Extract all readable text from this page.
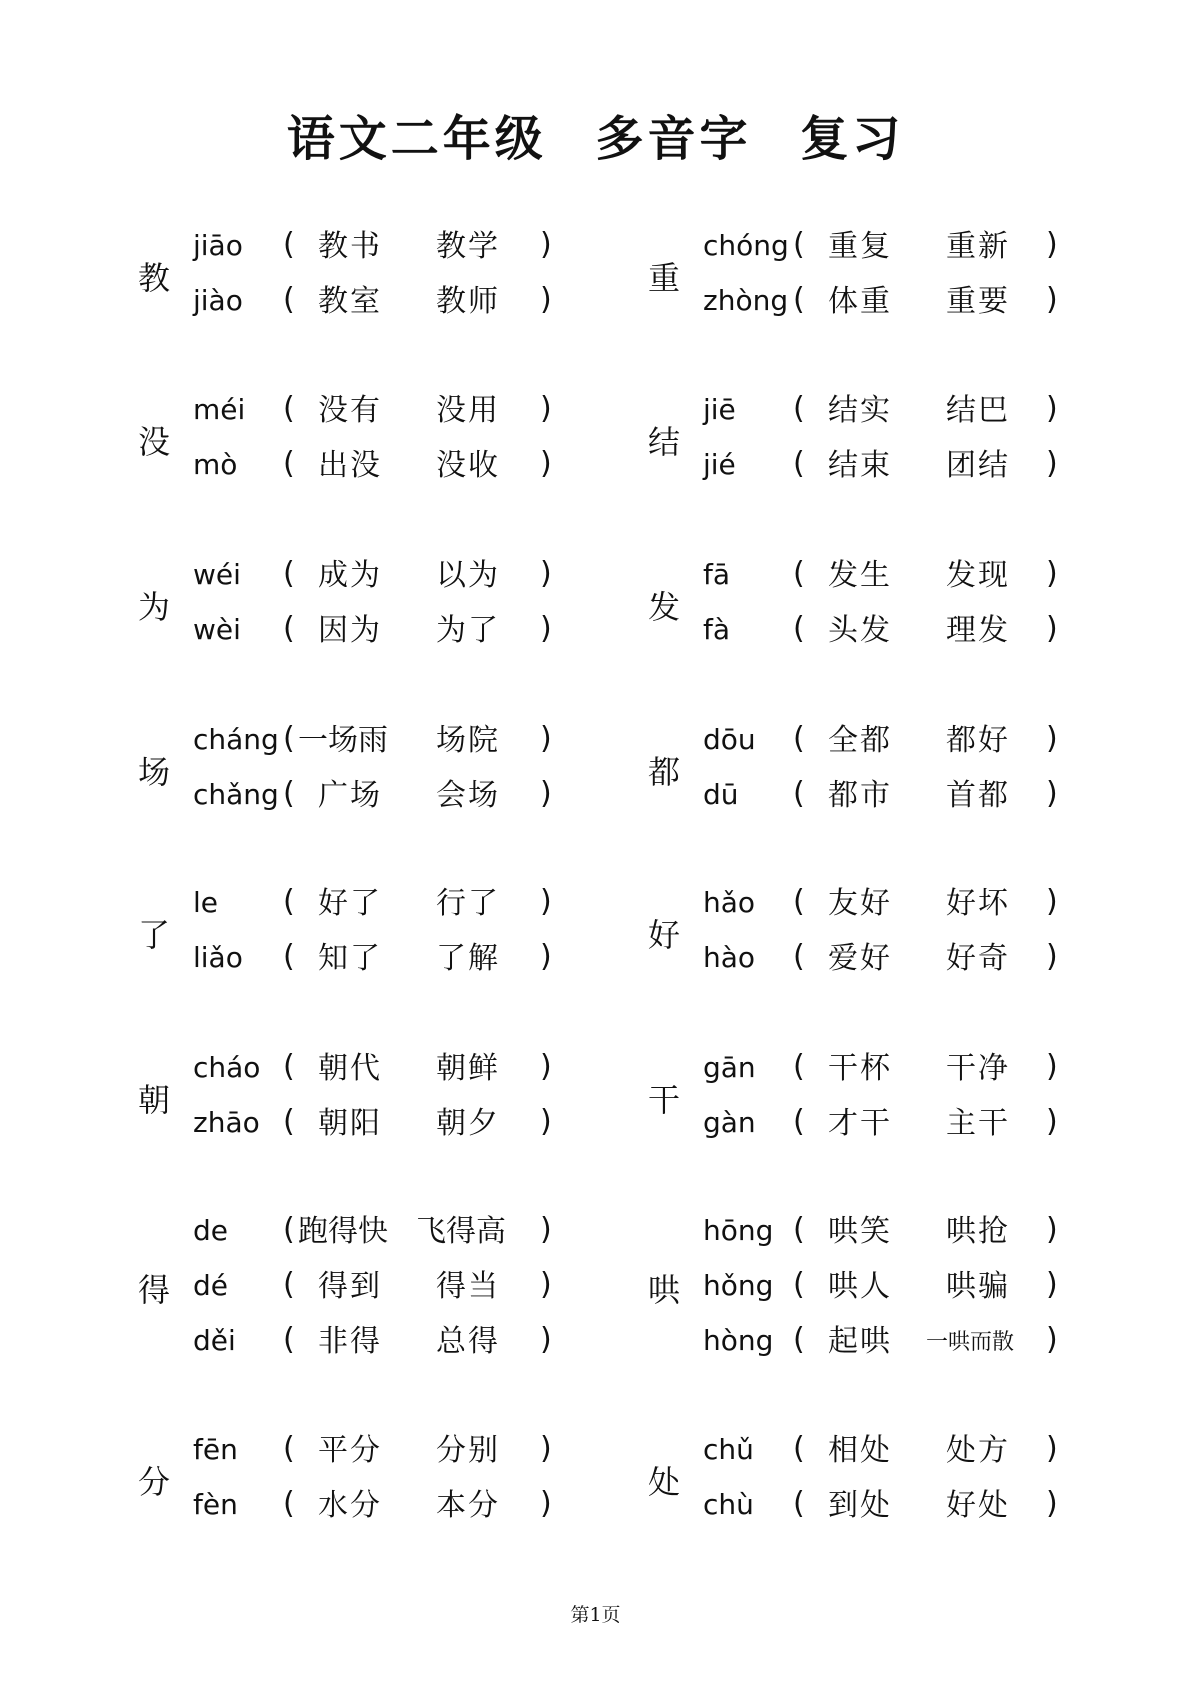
语文二年级 多音字 复习
教
jiāo ( 教书 教学 )
jiào ( 教室 教师 )
重
chóng ( 重复 重新 )
zhòng ( 体重 重要 )
没
méi ( 没有 没用 )
mò ( 出没 没收 )
结
jiē ( 结实 结巴 )
jié ( 结束 团结 )
为
wéi ( 成为 以为 )
wèi ( 因为 为了 )
发
fā ( 发生 发现 )
fà ( 头发 理发 )
场
cháng ( 一场雨 场院 )
chǎng ( 广场 会场 )
都
dōu ( 全都 都好 )
dū ( 都市 首都 )
了
le ( 好了 行了 )
liǎo ( 知了 了解 )
好
hǎo ( 友好 好坏 )
hào ( 爱好 好奇 )
朝
cháo ( 朝代 朝鲜 )
zhāo ( 朝阳 朝夕 )
干
gān ( 干杯 干净 )
gàn ( 才干 主干 )
得
de ( 跑得快 飞得高 )
dé ( 得到 得当 )
děi ( 非得 总得 )
哄
hōng ( 哄笑 哄抢 )
hǒng ( 哄人 哄骗 )
hòng ( 起哄 一哄而散 )
分
fēn ( 平分 分别 )
fèn ( 水分 本分 )
处
chǔ ( 相处 处方 )
chù ( 到处 好处 )
第1页
